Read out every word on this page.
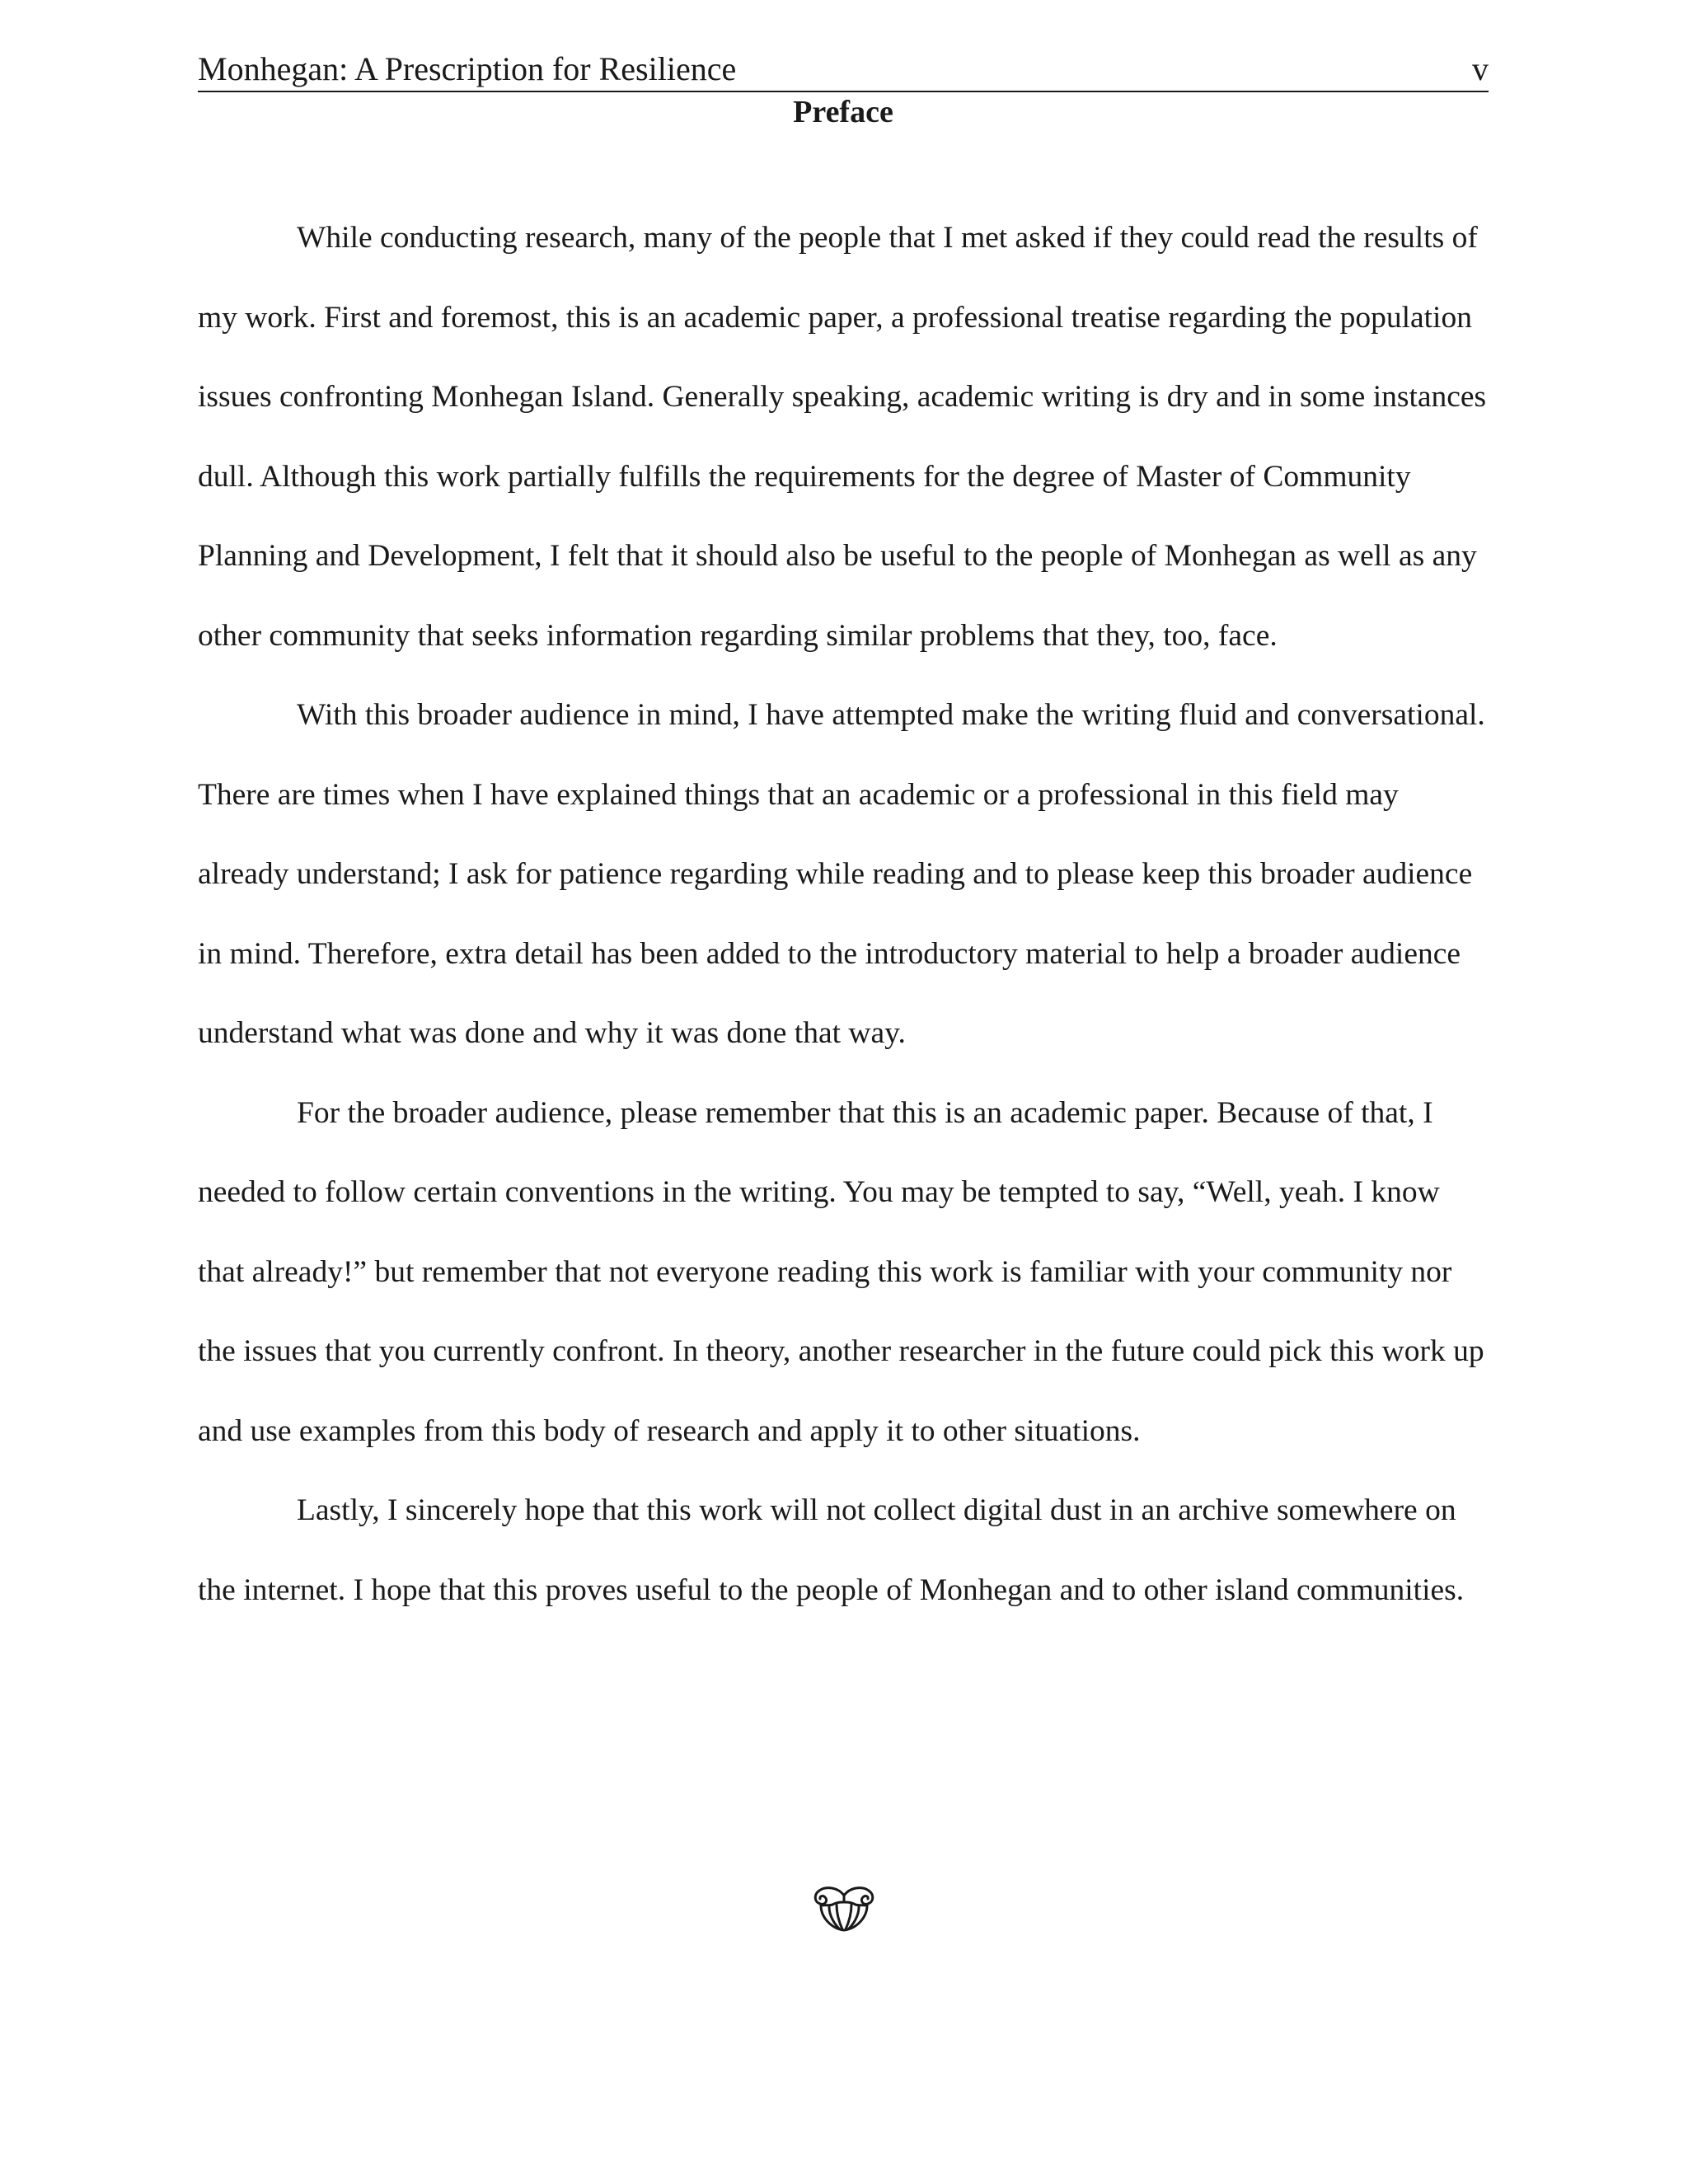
Monhegan: A Prescription for Resilience	v
Preface

While conducting research, many of the people that I met asked if they could read the results of my work. First and foremost, this is an academic paper, a professional treatise regarding the population issues confronting Monhegan Island. Generally speaking, academic writing is dry and in some instances dull. Although this work partially fulfills the requirements for the degree of Master of Community Planning and Development, I felt that it should also be useful to the people of Monhegan as well as any other community that seeks information regarding similar problems that they, too, face.

With this broader audience in mind, I have attempted make the writing fluid and conversational. There are times when I have explained things that an academic or a professional in this field may already understand; I ask for patience regarding while reading and to please keep this broader audience in mind. Therefore, extra detail has been added to the introductory material to help a broader audience understand what was done and why it was done that way.

For the broader audience, please remember that this is an academic paper. Because of that, I needed to follow certain conventions in the writing. You may be tempted to say, “Well, yeah. I know that already!” but remember that not everyone reading this work is familiar with your community nor the issues that you currently confront. In theory, another researcher in the future could pick this work up and use examples from this body of research and apply it to other situations.

Lastly, I sincerely hope that this work will not collect digital dust in an archive somewhere on the internet. I hope that this proves useful to the people of Monhegan and to other island communities.
